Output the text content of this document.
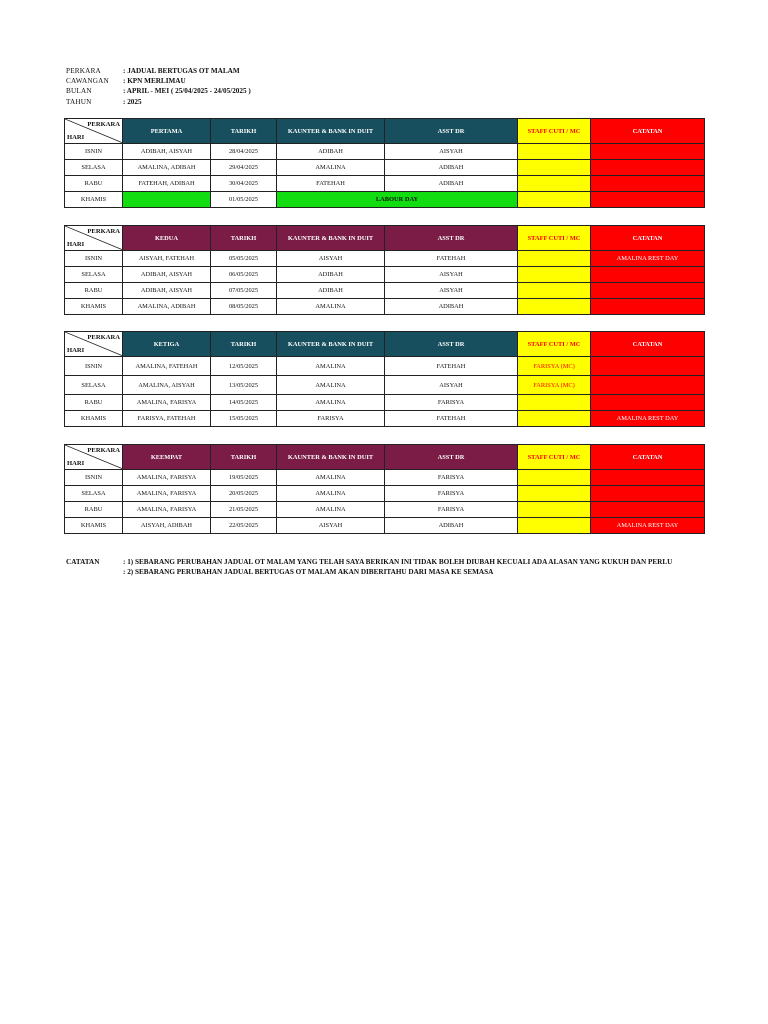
PERKARA	: JADUAL BERTUGAS OT MALAM
CAWANGAN	: KPN MERLIMAU
BULAN	: APRIL - MEI ( 25/04/2025 - 24/05/2025 )
TAHUN	: 2025
PERKARA
HARI	PERTAMA	TARIKH	KAUNTER & BANK IN DUIT	ASST DR	STAFF CUTI / MC	CATATAN
ISNIN	ADIBAH, AISYAH	28/04/2025	ADIBAH	AISYAH		
SELASA	AMALINA, ADIBAH	29/04/2025	AMALINA	ADIBAH		
RABU	FATEHAH, ADIBAH	30/04/2025	FATEHAH	ADIBAH		
KHAMIS		01/05/2025	LABOUR DAY			
PERKARA
HARI	KEDUA	TARIKH	KAUNTER & BANK IN DUIT	ASST DR	STAFF CUTI / MC	CATATAN
ISNIN	AISYAH, FATEHAH	05/05/2025	AISYAH	FATEHAH		AMALINA REST DAY
SELASA	ADIBAH, AISYAH	06/05/2025	ADIBAH	AISYAH		
RABU	ADIBAH, AISYAH	07/05/2025	ADIBAH	AISYAH		
KHAMIS	AMALINA, ADIBAH	08/05/2025	AMALINA	ADIBAH		
PERKARA
HARI	KETIGA	TARIKH	KAUNTER & BANK IN DUIT	ASST DR	STAFF CUTI / MC	CATATAN
ISNIN	AMALINA, FATEHAH	12/05/2025	AMALINA	FATEHAH	FARISYA (MC)	
SELASA	AMALINA, AISYAH	13/05/2025	AMALINA	AISYAH	FARISYA (MC)	
RABU	AMALINA, FARISYA	14/05/2025	AMALINA	FARISYA		
KHAMIS	FARISYA, FATEHAH	15/05/2025	FARISYA	FATEHAH		AMALINA REST DAY
PERKARA
HARI	KEEMPAT	TARIKH	KAUNTER & BANK IN DUIT	ASST DR	STAFF CUTI / MC	CATATAN
ISNIN	AMALINA, FARISYA	19/05/2025	AMALINA	FARISYA		
SELASA	AMALINA, FARISYA	20/05/2025	AMALINA	FARISYA		
RABU	AMALINA, FARISYA	21/05/2025	AMALINA	FARISYA		
KHAMIS	AISYAH, ADIBAH	22/05/2025	AISYAH	ADIBAH		AMALINA REST DAY
CATATAN	: 1) SEBARANG PERUBAHAN JADUAL OT MALAM YANG TELAH SAYA BERIKAN INI TIDAK BOLEH DIUBAH KECUALI ADA ALASAN YANG KUKUH DAN PERLU
: 2) SEBARANG PERUBAHAN JADUAL BERTUGAS OT MALAM AKAN DIBERITAHU DARI MASA KE SEMASA
